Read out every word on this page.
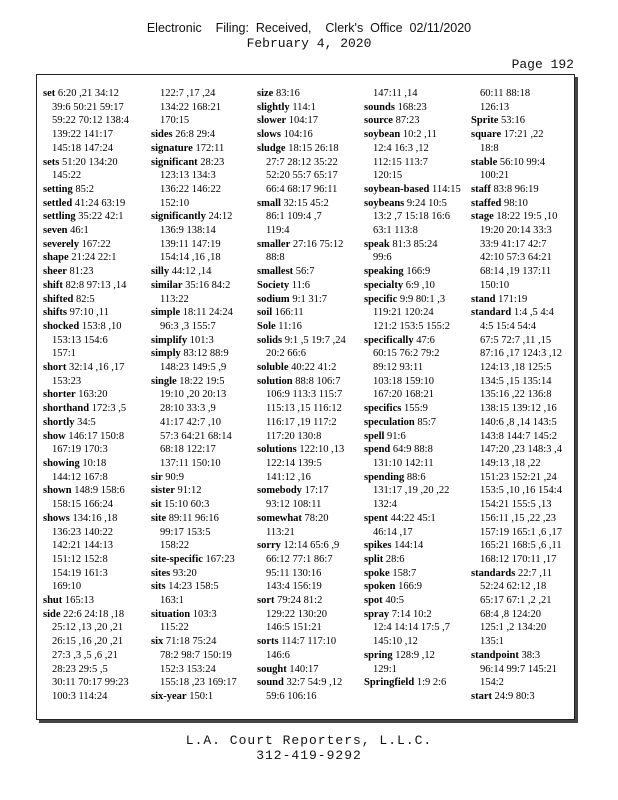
Electronic    Filing:  Received,    Clerk's  Office  02/11/2020
February 4, 2020
Page 192
set 6:20 ,21 34:12
39:6 50:21 59:17
59:22 70:12 138:4
139:22 141:17
145:18 147:24
sets 51:20 134:20
145:22
setting 85:2
settled 41:24 63:19
settling 35:22 42:1
seven 46:1
severely 167:22
shape 21:24 22:1
sheer 81:23
shift 82:8 97:13 ,14
shifted 82:5
shifts 97:10 ,11
shocked 153:8 ,10
153:13 154:6
157:1
short 32:14 ,16 ,17
153:23
shorter 163:20
shorthand 172:3 ,5
shortly 34:5
show 146:17 150:8
167:19 170:3
showing 10:18
144:12 167:8
shown 148:9 158:6
158:15 166:24
shows 134:16 ,18
136:23 140:22
142:21 144:13
151:12 152:8
154:19 161:3
169:10
shut 165:13
side 22:6 24:18 ,18
25:12 ,13 ,20 ,21
26:15 ,16 ,20 ,21
27:3 ,3 ,5 ,6 ,21
28:23 29:5 ,5
30:11 70:17 99:23
100:3 114:24
122:7 ,17 ,24
134:22 168:21
170:15
sides 26:8 29:4
signature 172:11
significant 28:23
123:13 134:3
136:22 146:22
152:10
significantly 24:12
136:9 138:14
139:11 147:19
154:14 ,16 ,18
silly 44:12 ,14
similar 35:16 84:2
113:22
simple 18:11 24:24
96:3 ,3 155:7
simplify 101:3
simply 83:12 88:9
148:23 149:5 ,9
single 18:22 19:5
19:10 ,20 20:13
28:10 33:3 ,9
41:17 42:7 ,10
57:3 64:21 68:14
68:18 122:17
137:11 150:10
sir 90:9
sister 91:12
sit 15:10 60:3
site 89:11 96:16
99:17 153:5
158:22
site-specific 167:23
sites 93:20
sits 14:23 158:5
163:1
situation 103:3
115:22
six 71:18 75:24
78:2 98:7 150:19
152:3 153:24
155:18 ,23 169:17
six-year 150:1
size 83:16
slightly 114:1
slower 104:17
slows 104:16
sludge 18:15 26:18
27:7 28:12 35:22
52:20 55:7 65:17
66:4 68:17 96:11
small 32:15 45:2
86:1 109:4 ,7
119:4
smaller 27:16 75:12
88:8
smallest 56:7
Society 11:6
sodium 9:1 31:7
soil 166:11
Sole 11:16
solids 9:1 ,5 19:7 ,24
20:2 66:6
soluble 40:22 41:2
solution 88:8 106:7
106:9 113:3 115:7
115:13 ,15 116:12
116:17 ,19 117:2
117:20 130:8
solutions 122:10 ,13
122:14 139:5
141:12 ,16
somebody 17:17
93:12 108:11
somewhat 78:20
113:21
sorry 12:14 65:6 ,9
66:12 77:1 86:7
95:11 130:16
143:4 156:19
sort 79:24 81:2
129:22 130:20
146:5 151:21
sorts 114:7 117:10
146:6
sought 140:17
sound 32:7 54:9 ,12
59:6 106:16
147:11 ,14
sounds 168:23
source 87:23
soybean 10:2 ,11
12:4 16:3 ,12
112:15 113:7
120:15
soybean-based 114:15
soybeans 9:24 10:5
13:2 ,7 15:18 16:6
63:1 113:8
speak 81:3 85:24
99:6
speaking 166:9
specialty 6:9 ,10
specific 9:9 80:1 ,3
119:21 120:24
121:2 153:5 155:2
specifically 47:6
60:15 76:2 79:2
89:12 93:11
103:18 159:10
167:20 168:21
specifics 155:9
speculation 85:7
spell 91:6
spend 64:9 88:8
131:10 142:11
spending 88:6
131:17 ,19 ,20 ,22
132:4
spent 44:22 45:1
46:14 ,17
spikes 144:14
split 28:6
spoke 158:7
spoken 166:9
spot 40:5
spray 7:14 10:2
12:4 14:14 17:5 ,7
145:10 ,12
spring 128:9 ,12
129:1
Springfield 1:9 2:6
60:11 88:18
126:13
Sprite 53:16
square 17:21 ,22
18:8
stable 56:10 99:4
100:21
staff 83:8 96:19
staffed 98:10
stage 18:22 19:5 ,10
19:20 20:14 33:3
33:9 41:17 42:7
42:10 57:3 64:21
68:14 ,19 137:11
150:10
stand 171:19
standard 1:4 ,5 4:4
4:5 15:4 54:4
67:5 72:7 ,11 ,15
87:16 ,17 124:3 ,12
124:13 ,18 125:5
134:5 ,15 135:14
135:16 ,22 136:8
138:15 139:12 ,16
140:6 ,8 ,14 143:5
143:8 144:7 145:2
147:20 ,23 148:3 ,4
149:13 ,18 ,22
151:23 152:21 ,24
153:5 ,10 ,16 154:4
154:21 155:5 ,13
156:11 ,15 ,22 ,23
157:19 165:1 ,6 ,17
165:21 168:5 ,6 ,11
168:12 170:11 ,17
standards 22:7 ,11
52:24 62:12 ,18
65:17 67:1 ,2 ,21
68:4 ,8 124:20
125:1 ,2 134:20
135:1
standpoint 38:3
96:14 99:7 145:21
154:2
start 24:9 80:3
L.A. Court Reporters, L.L.C.
312-419-9292
